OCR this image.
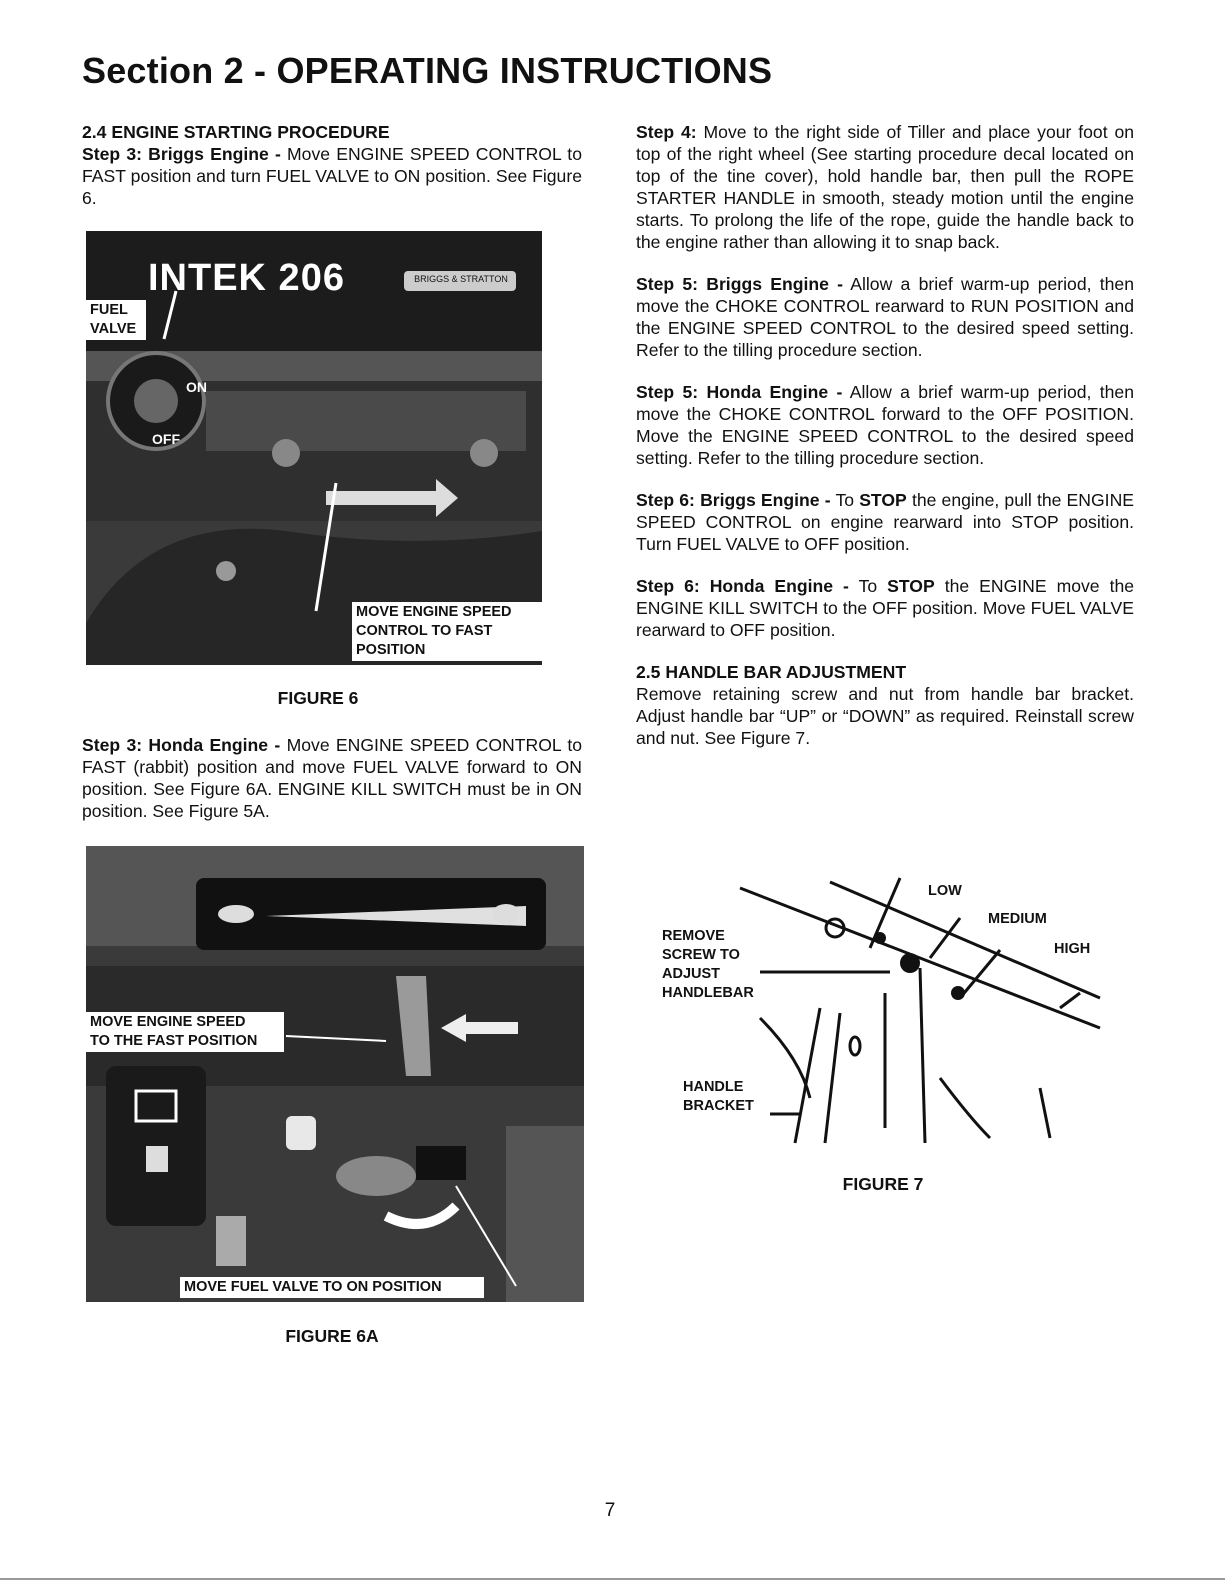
Section 2 - OPERATING INSTRUCTIONS
2.4 ENGINE STARTING PROCEDURE

Step 3: Briggs Engine - Move ENGINE SPEED CONTROL to FAST position and turn FUEL VALVE to ON position. See Figure 6.

INTEK 206	BRIGGS & STRATTON
ON
OFF
FUEL
VALVE
MOVE ENGINE SPEED
CONTROL TO FAST
POSITION
FIGURE 6

Step 3: Honda Engine - Move ENGINE SPEED CONTROL to FAST (rabbit) position and move FUEL VALVE forward to ON position. See Figure 6A. ENGINE KILL SWITCH must be in ON position. See Figure 5A.

MOVE ENGINE SPEED
TO THE FAST POSITION
MOVE FUEL VALVE TO ON POSITION
FIGURE 6A

Step 4: Move to the right side of Tiller and place your foot on top of the right wheel (See starting procedure decal located on top of the tine cover), hold handle bar, then pull the ROPE STARTER HANDLE in smooth, steady motion until the engine starts. To prolong the life of the rope, guide the handle back to the engine rather than allowing it to snap back.

Step 5: Briggs Engine - Allow a brief warm-up period, then move the CHOKE CONTROL rearward to RUN POSITION and the ENGINE SPEED CONTROL to the desired speed setting. Refer to the tilling procedure section.

Step 5: Honda Engine - Allow a brief warm-up period, then move the CHOKE CONTROL forward to the OFF POSITION. Move the ENGINE SPEED CONTROL to the desired speed setting. Refer to the tilling procedure section.

Step 6: Briggs Engine - To STOP the engine, pull the ENGINE SPEED CONTROL on engine rearward into STOP position. Turn FUEL VALVE to OFF position.

Step 6: Honda Engine - To STOP the ENGINE move the ENGINE KILL SWITCH to the OFF position. Move FUEL VALVE rearward to OFF position.

2.5 HANDLE BAR ADJUSTMENT

Remove retaining screw and nut from handle bar bracket. Adjust handle bar “UP” or “DOWN” as required. Reinstall screw and nut. See Figure 7.

LOW
MEDIUM
HIGH
REMOVE
SCREW TO
ADJUST
HANDLEBAR
HANDLE
BRACKET
FIGURE 7
7
